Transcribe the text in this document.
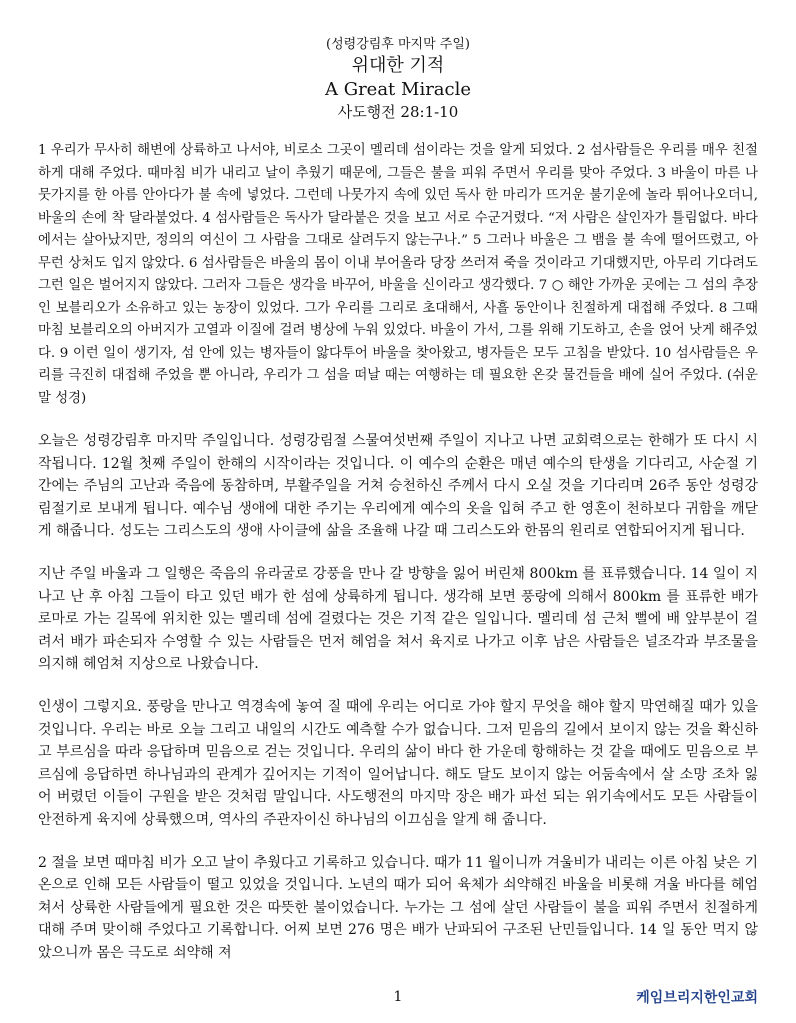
(성령강림후 마지막 주일)
위대한 기적
A Great Miracle
사도행전 28:1-10

1 우리가 무사히 해변에 상륙하고 나서야, 비로소 그곳이 멜리데 섬이라는 것을 알게 되었다. 2 섬사람들은 우리를 매우 친절하게 대해 주었다. 때마침 비가 내리고 날이 추웠기 때문에, 그들은 불을 피워 주면서 우리를 맞아 주었다. 3 바울이 마른 나뭇가지를 한 아름 안아다가 불 속에 넣었다. 그런데 나뭇가지 속에 있던 독사 한 마리가 뜨거운 불기운에 놀라 튀어나오더니, 바울의 손에 착 달라붙었다. 4 섬사람들은 독사가 달라붙은 것을 보고 서로 수군거렸다. “저 사람은 살인자가 틀림없다. 바다에서는 살아났지만, 정의의 여신이 그 사람을 그대로 살려두지 않는구나.” 5 그러나 바울은 그 뱀을 불 속에 떨어뜨렸고, 아무런 상처도 입지 않았다. 6 섬사람들은 바울의 몸이 이내 부어올라 당장 쓰러져 죽을 것이라고 기대했지만, 아무리 기다려도 그런 일은 벌어지지 않았다. 그러자 그들은 생각을 바꾸어, 바울을 신이라고 생각했다. 7 ○ 해안 가까운 곳에는 그 섬의 추장인 보블리오가 소유하고 있는 농장이 있었다. 그가 우리를 그리로 초대해서, 사흘 동안이나 친절하게 대접해 주었다. 8 그때 마침 보블리오의 아버지가 고열과 이질에 걸려 병상에 누워 있었다. 바울이 가서, 그를 위해 기도하고, 손을 얹어 낫게 해주었다. 9 이런 일이 생기자, 섬 안에 있는 병자들이 앓다투어 바울을 찾아왔고, 병자들은 모두 고침을 받았다. 10 섬사람들은 우리를 극진히 대접해 주었을 뿐 아니라, 우리가 그 섬을 떠날 때는 여행하는 데 필요한 온갖 물건들을 배에 실어 주었다. (쉬운말 성경)

오늘은 성령강림후 마지막 주일입니다. 성령강림절 스물여섯번째 주일이 지나고 나면 교회력으로는 한해가 또 다시 시작됩니다. 12월 첫째 주일이 한해의 시작이라는 것입니다. 이 예수의 순환은 매년 예수의 탄생을 기다리고, 사순절 기간에는 주님의 고난과 죽음에 동참하며, 부활주일을 거쳐 승천하신 주께서 다시 오실 것을 기다리며 26주 동안 성령강림절기로 보내게 됩니다. 예수님 생애에 대한 주기는 우리에게 예수의 옷을 입혀 주고 한 영혼이 천하보다 귀함을 깨닫게 해줍니다. 성도는 그리스도의 생애 사이클에 삶을 조율해 나갈 때 그리스도와 한몸의 원리로 연합되어지게 됩니다.

지난 주일 바울과 그 일행은 죽음의 유라굴로 강풍을 만나 갈 방향을 잃어 버린채 800km 를 표류했습니다. 14 일이 지나고 난 후 아침 그들이 타고 있던 배가 한 섬에 상륙하게 됩니다. 생각해 보면 풍랑에 의해서 800km 를 표류한 배가 로마로 가는 길목에 위치한 있는 멜리데 섬에 걸렸다는 것은 기적 같은 일입니다. 멜리데 섬 근처 뻘에 배 앞부분이 걸려서 배가 파손되자 수영할 수 있는 사람들은 먼저 헤엄을 쳐서 육지로 나가고 이후 남은 사람들은 널조각과 부조물을 의지해 헤엄쳐 지상으로 나왔습니다.

인생이 그렇지요. 풍랑을 만나고 역경속에 놓여 질 때에 우리는 어디로 가야 할지 무엇을 해야 할지 막연해질 때가 있을 것입니다. 우리는 바로 오늘 그리고 내일의 시간도 예측할 수가 없습니다. 그저 믿음의 길에서 보이지 않는 것을 확신하고 부르심을 따라 응답하며 믿음으로 걷는 것입니다. 우리의 삶이 바다 한 가운데 항해하는 것 같을 때에도 믿음으로 부르심에 응답하면 하나님과의 관계가 깊어지는 기적이 일어납니다. 해도 달도 보이지 않는 어둠속에서 살 소망 조차 잃어 버렸던 이들이 구원을 받은 것처럼 말입니다. 사도행전의 마지막 장은 배가 파선 되는 위기속에서도 모든 사람들이 안전하게 육지에 상륙했으며, 역사의 주관자이신 하나님의 이끄심을 알게 해 줍니다.

2 절을 보면 때마침 비가 오고 날이 추웠다고 기록하고 있습니다. 때가 11 월이니까 겨울비가 내리는 이른 아침 낮은 기온으로 인해 모든 사람들이 떨고 있었을 것입니다. 노년의 때가 되어 육체가 쇠약해진 바울을 비롯해 겨울 바다를 헤엄쳐서 상륙한 사람들에게 필요한 것은 따뜻한 불이었습니다. 누가는 그 섬에 살던 사람들이 불을 피워 주면서 친절하게 대해 주며 맞이해 주었다고 기록합니다. 어찌 보면 276 명은 배가 난파되어 구조된 난민들입니다. 14 일 동안 먹지 않았으니까 몸은 극도로 쇠약해 져

1	케임브리지한인교회
